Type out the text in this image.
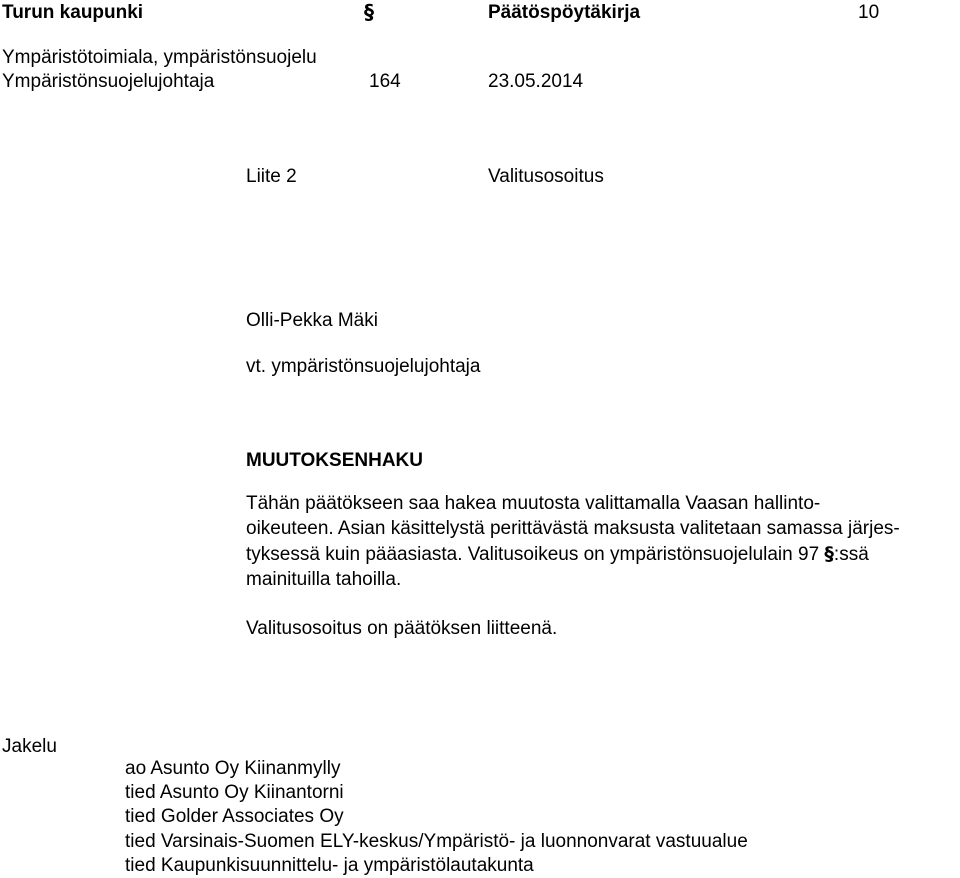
Turun kaupunki	§	Päätöspöytäkirja	10
Ympäristötoimiala, ympäristönsuojelu
Ympäristönsuojelujohtaja	164	23.05.2014
Liite 2	Valitusosoitus
Olli-Pekka Mäki
vt. ympäristönsuojelujohtaja
MUUTOKSENHAKU

Tähän päätökseen saa hakea muutosta valittamalla Vaasan hallinto-

oikeuteen. Asian käsittelystä perittävästä maksusta valitetaan samassa järjes-

tyksessä kuin pääasiasta. Valitusoikeus on ympäristönsuojelulain 97 §:ssä

mainituilla tahoilla.

Valitusosoitus on päätöksen liitteenä.
Jakelu
ao Asunto Oy Kiinanmylly
tied Asunto Oy Kiinantorni
tied Golder Associates Oy
tied Varsinais-Suomen ELY-keskus/Ympäristö- ja luonnonvarat vastuualue
tied Kaupunkisuunnittelu- ja ympäristölautakunta
